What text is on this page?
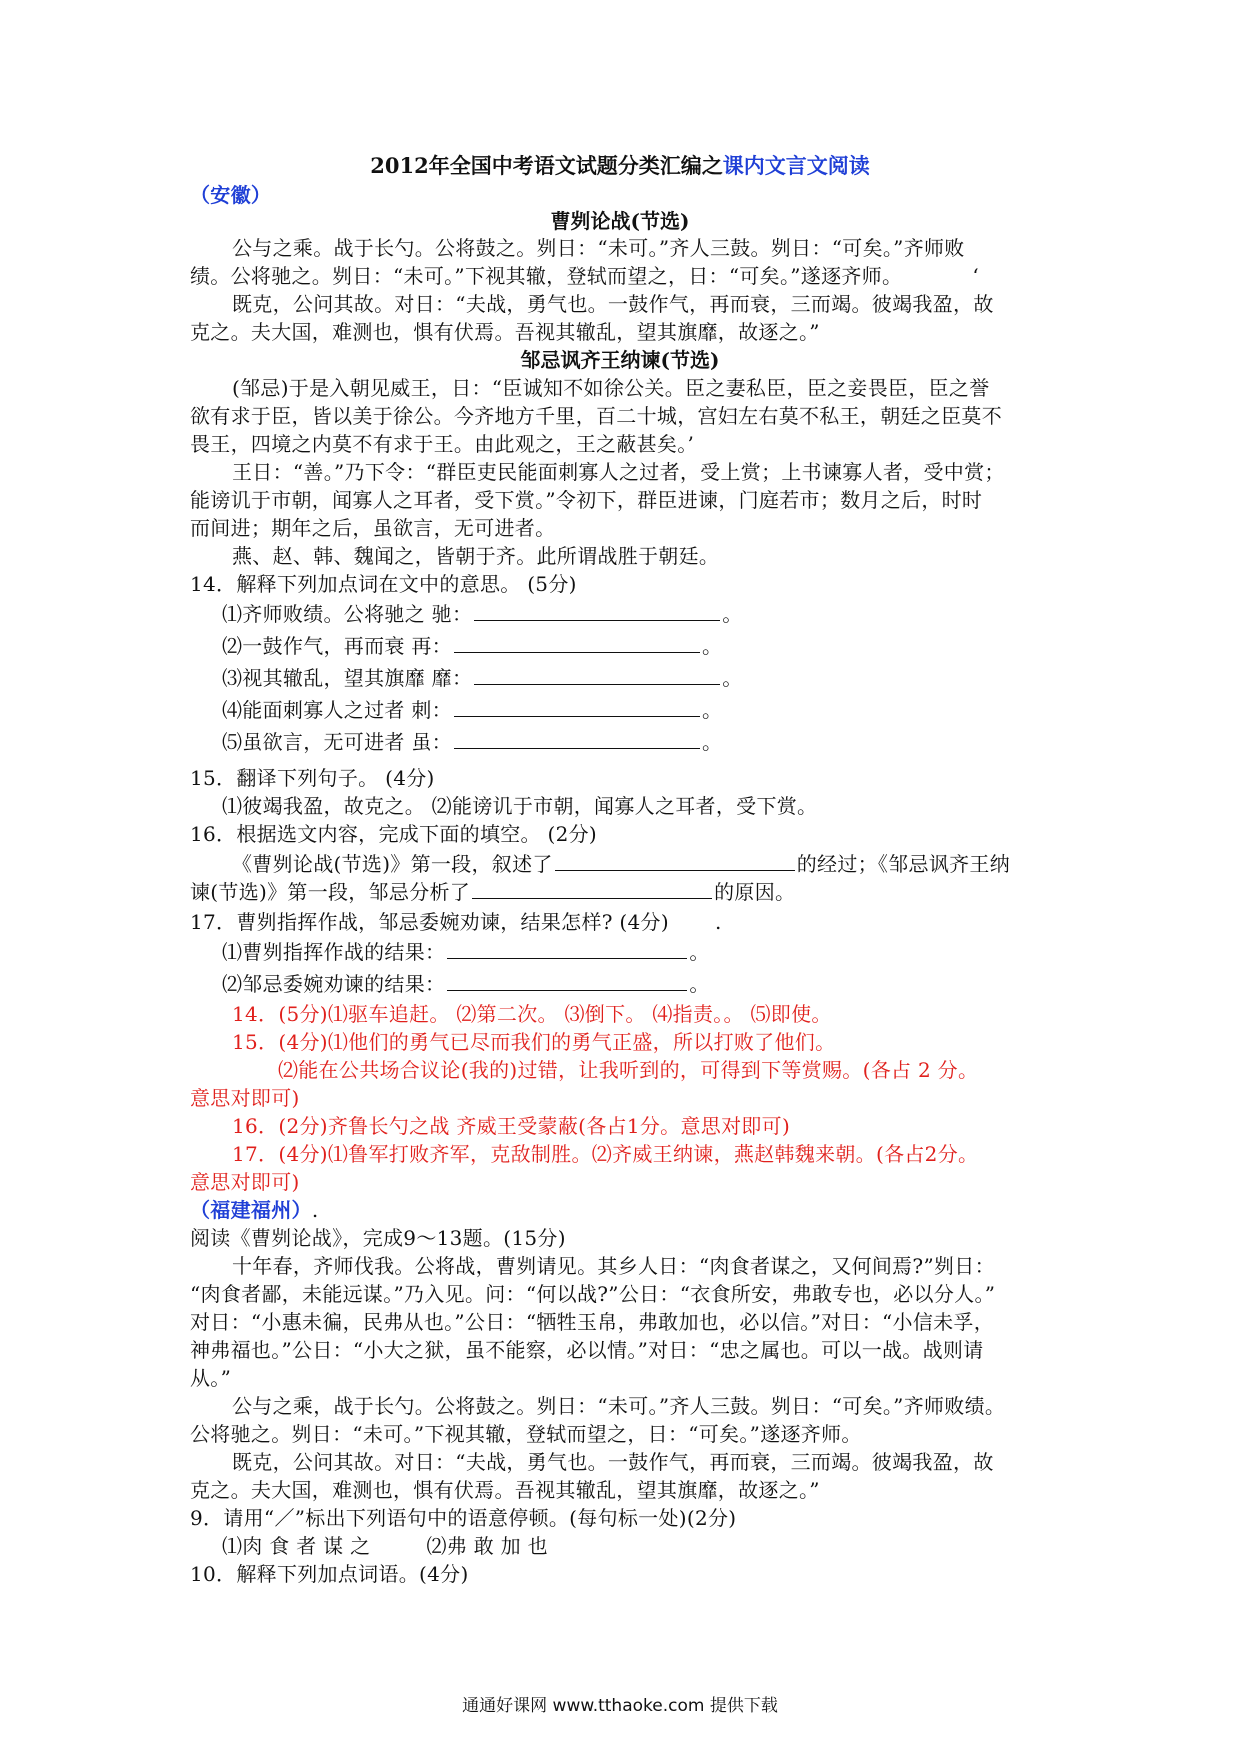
2012年全国中考语文试题分类汇编之课内文言文阅读
（安徽）
曹刿论战(节选)
公与之乘。战于长勺。公将鼓之。刿日：“未可。”齐人三鼓。刿日：“可矣。”齐师败
绩。公将驰之。刿日：“未可。”下视其辙，登轼而望之，日：“可矣。”遂逐齐师。	‘
既克，公问其故。对日：“夫战，勇气也。一鼓作气，再而衰，三而竭。彼竭我盈，故
克之。夫大国，难测也，惧有伏焉。吾视其辙乱，望其旗靡，故逐之。”
邹忌讽齐王纳谏(节选)
(邹忌)于是入朝见威王，日：“臣诚知不如徐公关。臣之妻私臣，臣之妾畏臣，臣之誉
欲有求于臣，皆以美于徐公。今齐地方千里，百二十城，宫妇左右莫不私王，朝廷之臣莫不
畏王，四境之内莫不有求于王。由此观之，王之蔽甚矣。’
王日：“善。”乃下令：“群臣吏民能面刺寡人之过者，受上赏；上书谏寡人者，受中赏；
能谤讥于市朝，闻寡人之耳者，受下赏。”令初下，群臣进谏，门庭若市；数月之后，时时
而间进；期年之后，虽欲言，无可进者。
燕、赵、韩、魏闻之，皆朝于齐。此所谓战胜于朝廷。
14．解释下列加点词在文中的意思。 (5分)
⑴齐师败绩。公将驰之 驰：	。
⑵一鼓作气，再而衰 再：	。
⑶视其辙乱，望其旗靡 靡：	。
⑷能面刺寡人之过者 刺：	。
⑸虽欲言，无可进者 虽：	。
15．翻译下列句子。 (4分)
⑴彼竭我盈，故克之。 ⑵能谤讥于市朝，闻寡人之耳者，受下赏。
16．根据选文内容，完成下面的填空。 (2分)
《曹刿论战(节选)》第一段，叙述了	的经过；《邹忌讽齐王纳
谏(节选)》第一段，邹忌分析了	的原因。
17．曹刿指挥作战，邹忌委婉劝谏，结果怎样? (4分) .
⑴曹刿指挥作战的结果：	。
⑵邹忌委婉劝谏的结果：	。
14．(5分)⑴驱车追赶。 ⑵第二次。 ⑶倒下。 ⑷指责。。 ⑸即使。
15．(4分)⑴他们的勇气已尽而我们的勇气正盛，所以打败了他们。
⑵能在公共场合议论(我的)过错，让我听到的，可得到下等赏赐。(各占 2 分。
意思对即可)
16．(2分)齐鲁长勺之战 齐威王受蒙蔽(各占1分。意思对即可)
17．(4分)⑴鲁军打败齐军，克敌制胜。⑵齐威王纳谏，燕赵韩魏来朝。(各占2分。
意思对即可)
（福建福州）.
阅读《曹刿论战》，完成9～13题。(15分)
十年春，齐师伐我。公将战，曹刿请见。其乡人日：“肉食者谋之，又何间焉?”刿日：
“肉食者鄙，未能远谋。”乃入见。问：“何以战?”公日：“衣食所安，弗敢专也，必以分人。”
对日：“小惠未徧，民弗从也。”公日：“牺牲玉帛，弗敢加也，必以信。”对日：“小信未孚，
神弗福也。”公日：“小大之狱，虽不能察，必以情。”对日：“忠之属也。可以一战。战则请
从。”
公与之乘，战于长勺。公将鼓之。刿日：“未可。”齐人三鼓。刿日：“可矣。”齐师败绩。
公将驰之。刿日：“未可。”下视其辙，登轼而望之，日：“可矣。”遂逐齐师。
既克，公问其故。对日：“夫战，勇气也。一鼓作气，再而衰，三而竭。彼竭我盈，故
克之。夫大国，难测也，惧有伏焉。吾视其辙乱，望其旗靡，故逐之。”
9．请用“／”标出下列语句中的语意停顿。(每句标一处)(2分)
⑴肉 食 者 谋 之	⑵弗 敢 加 也
10．解释下列加点词语。(4分)
通通好课网 www.tthaoke.com 提供下载
